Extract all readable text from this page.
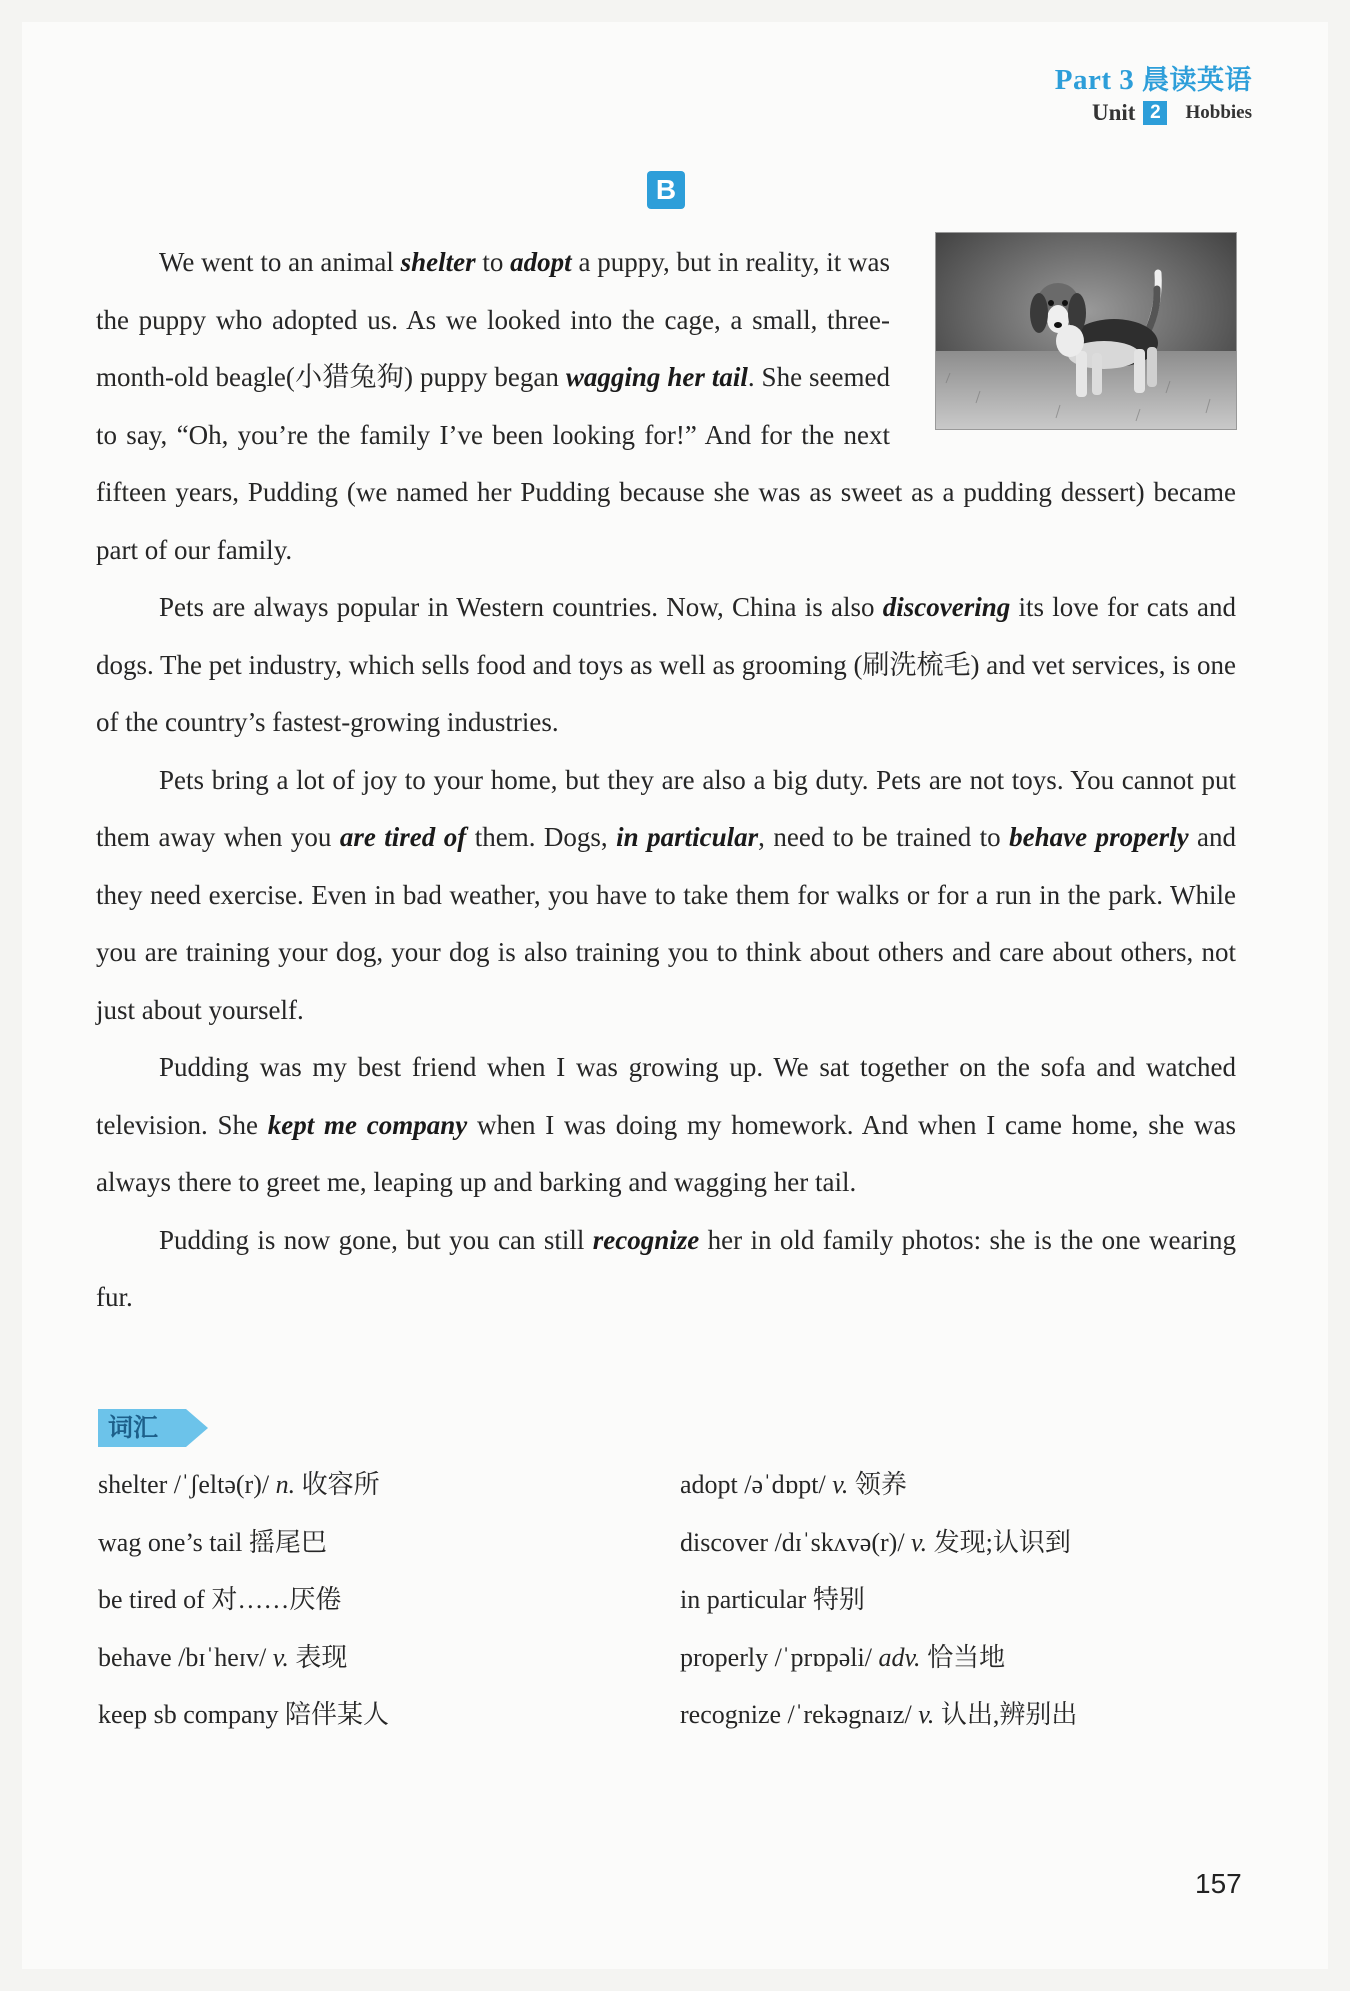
Part 3 晨读英语
Unit 2	Hobbies
B

We went to an animal shelter to adopt a puppy, but in reality, it was the puppy who adopted us. As we looked into the cage, a small, three-month-old beagle(小猎兔狗) puppy began wagging her tail. She seemed to say, “Oh, you’re the family I’ve been looking for!” And for the next fifteen years, Pudding (we named her Pudding because she was as sweet as a pudding dessert) became part of our family.

Pets are always popular in Western countries. Now, China is also discovering its love for cats and dogs. The pet industry, which sells food and toys as well as grooming (刷洗梳毛) and vet services, is one of the country’s fastest-growing industries.

Pets bring a lot of joy to your home, but they are also a big duty. Pets are not toys. You cannot put them away when you are tired of them. Dogs, in particular, need to be trained to behave properly and they need exercise. Even in bad weather, you have to take them for walks or for a run in the park. While you are training your dog, your dog is also training you to think about others and care about others, not just about yourself.

Pudding was my best friend when I was growing up. We sat together on the sofa and watched television. She kept me company when I was doing my homework. And when I came home, she was always there to greet me, leaping up and barking and wagging her tail.

Pudding is now gone, but you can still recognize her in old family photos: she is the one wearing fur.

词汇
shelter /ˈʃeltə(r)/ n. 收容所	adopt /əˈdɒpt/ v. 领养
wag one’s tail 摇尾巴	discover /dɪˈskʌvə(r)/ v. 发现;认识到
be tired of 对……厌倦	in particular 特别
behave /bɪˈheɪv/ v. 表现	properly /ˈprɒpəli/ adv. 恰当地
keep sb company 陪伴某人	recognize /ˈrekəgnaɪz/ v. 认出,辨别出
157
